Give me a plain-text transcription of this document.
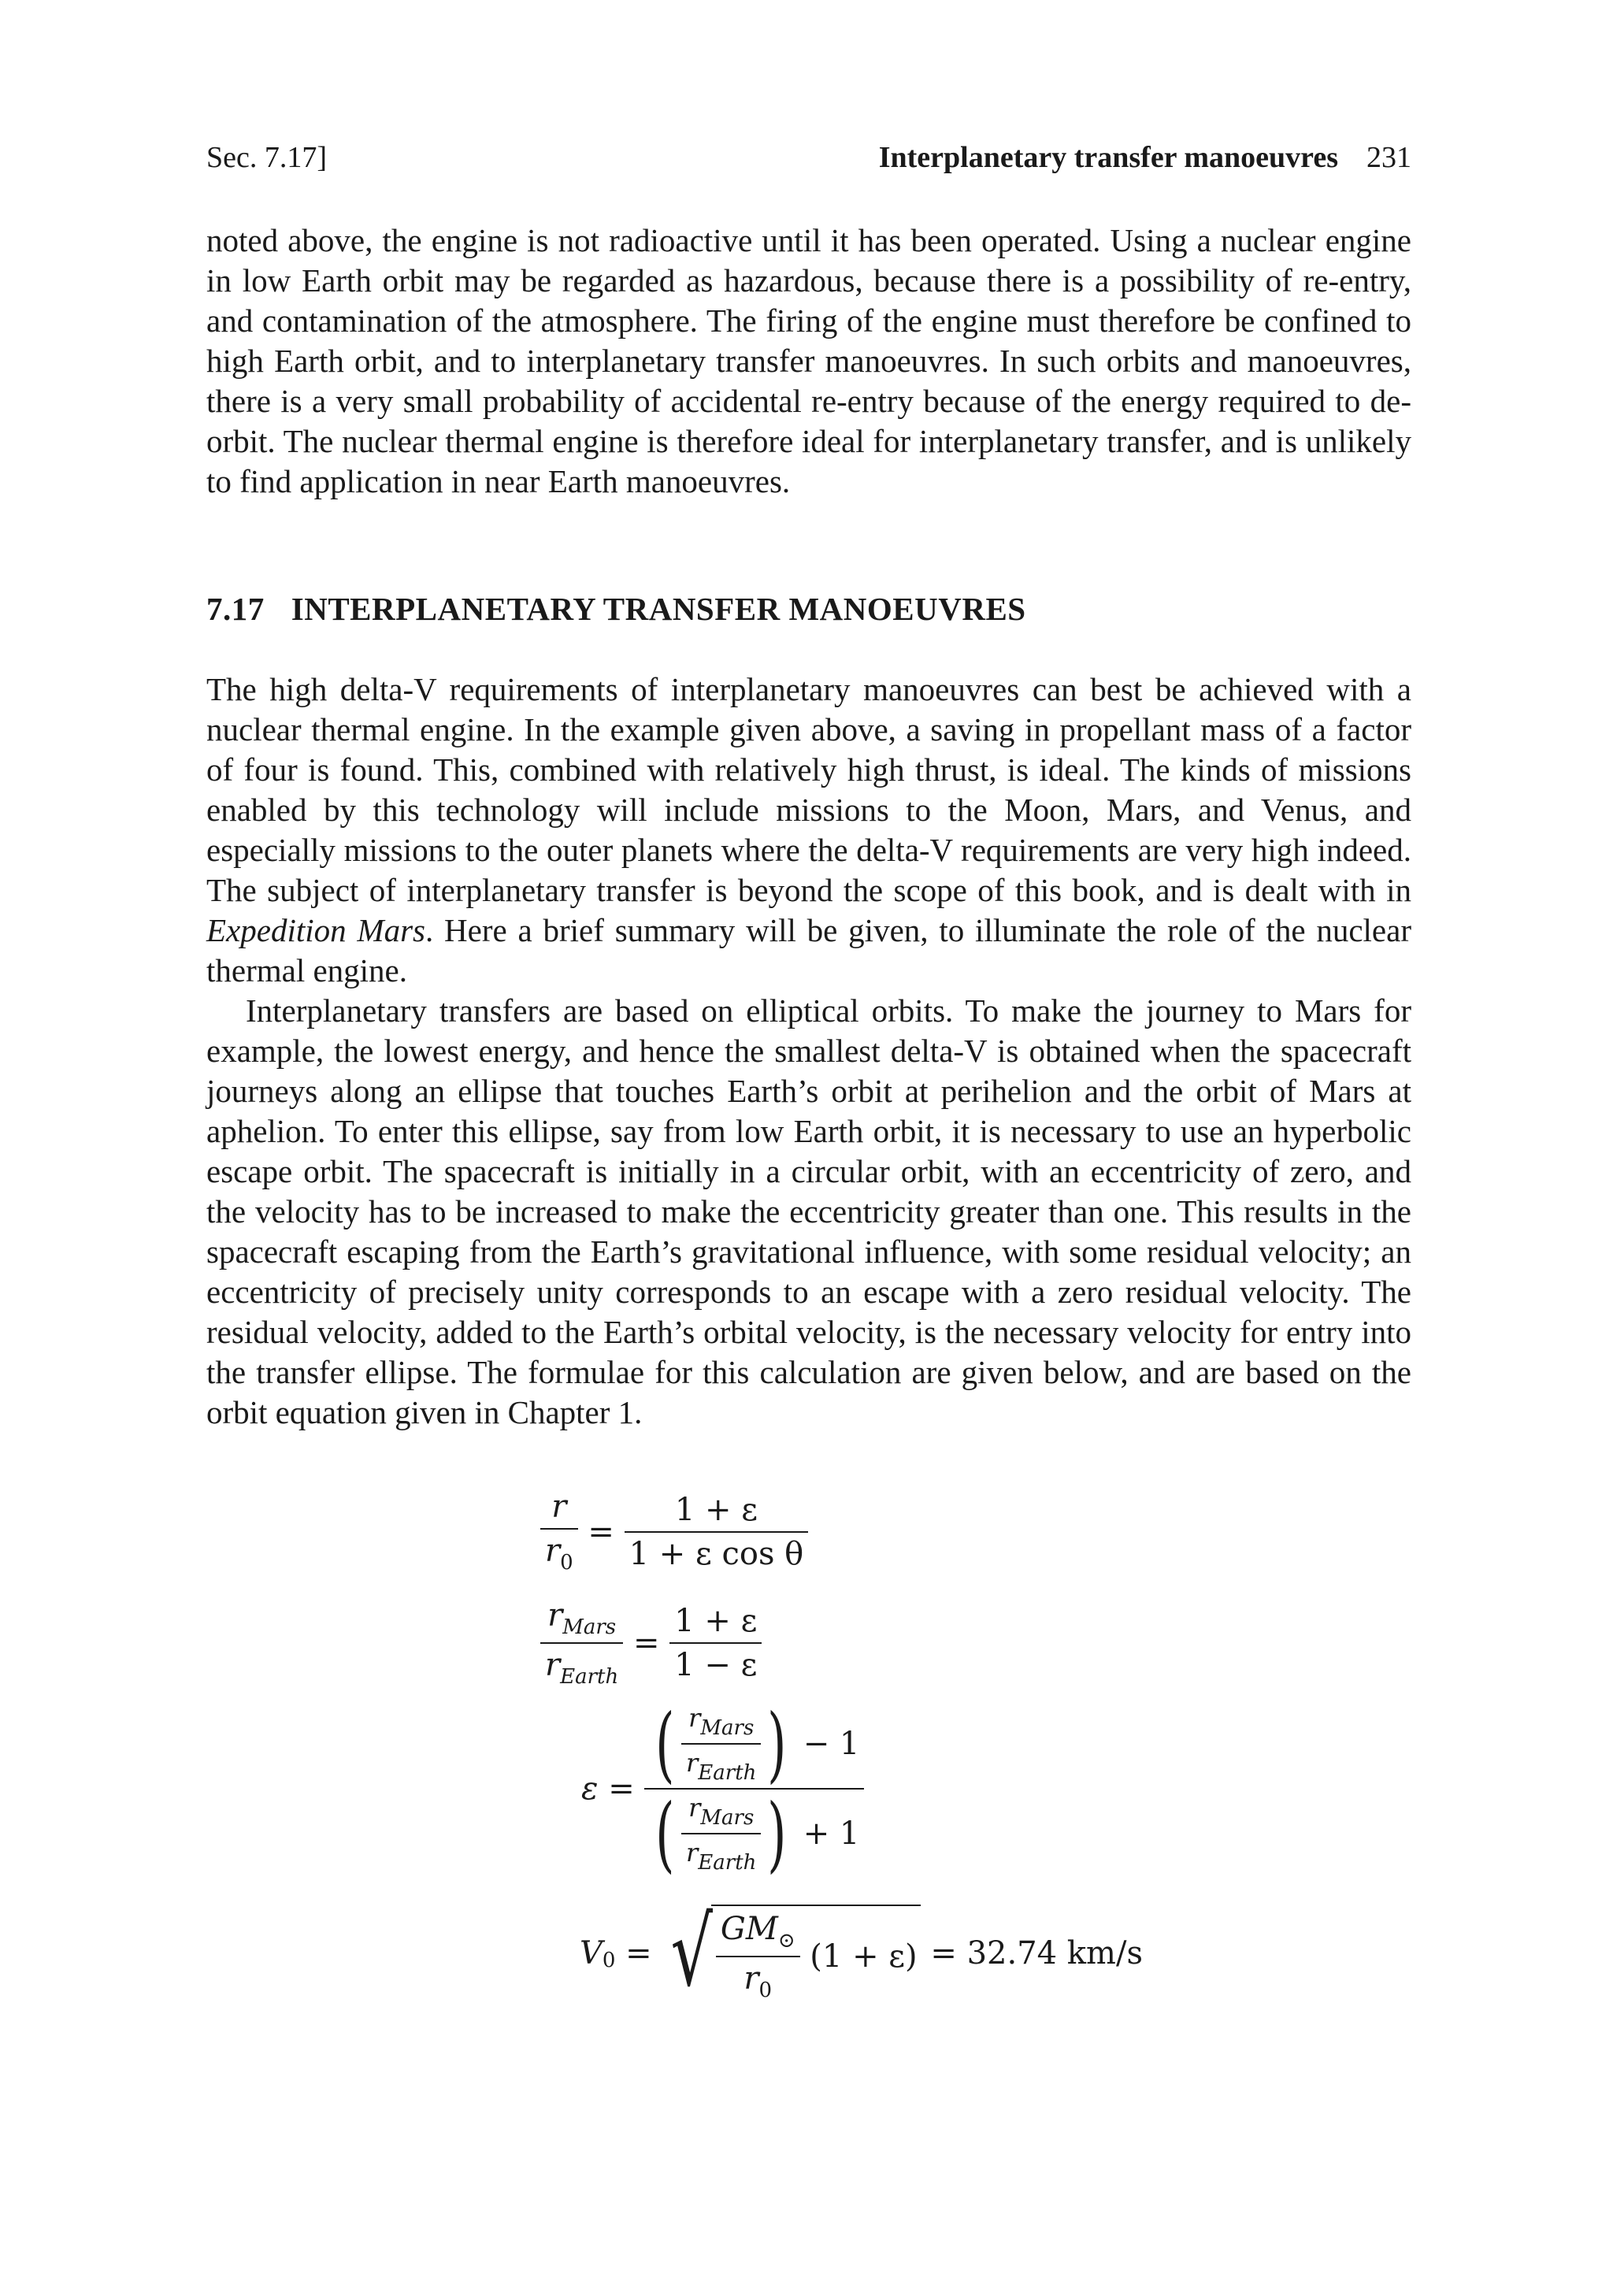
Sec. 7.17]	Interplanetary transfer manoeuvres 231
noted above, the engine is not radioactive until it has been operated. Using a nuclear engine in low Earth orbit may be regarded as hazardous, because there is a possibility of re-entry, and contamination of the atmosphere. The firing of the engine must therefore be confined to high Earth orbit, and to interplanetary transfer manoeuvres. In such orbits and manoeuvres, there is a very small probability of accidental re-entry because of the energy required to de-orbit. The nuclear thermal engine is therefore ideal for interplanetary transfer, and is unlikely to find application in near Earth manoeuvres.
7.17 INTERPLANETARY TRANSFER MANOEUVRES
The high delta-V requirements of interplanetary manoeuvres can best be achieved with a nuclear thermal engine. In the example given above, a saving in propellant mass of a factor of four is found. This, combined with relatively high thrust, is ideal. The kinds of missions enabled by this technology will include missions to the Moon, Mars, and Venus, and especially missions to the outer planets where the delta-V requirements are very high indeed. The subject of interplanetary transfer is beyond the scope of this book, and is dealt with in Expedition Mars. Here a brief summary will be given, to illuminate the role of the nuclear thermal engine.
Interplanetary transfers are based on elliptical orbits. To make the journey to Mars for example, the lowest energy, and hence the smallest delta-V is obtained when the spacecraft journeys along an ellipse that touches Earth’s orbit at perihelion and the orbit of Mars at aphelion. To enter this ellipse, say from low Earth orbit, it is necessary to use an hyperbolic escape orbit. The spacecraft is initially in a circular orbit, with an eccentricity of zero, and the velocity has to be increased to make the eccentricity greater than one. This results in the spacecraft escaping from the Earth’s gravitational influence, with some residual velocity; an eccentricity of precisely unity corresponds to an escape with a zero residual velocity. The residual velocity, added to the Earth’s orbital velocity, is the necessary velocity for entry into the transfer ellipse. The formulae for this calculation are given below, and are based on the orbit equation given in Chapter 1.
$\frac{r}{r_0} = \frac{1 + \varepsilon}{\text{1 + ε cos θ}}$
$\frac{r_{Mars}}{r_{Earth}} = \frac{1 + \varepsilon}{1 - \varepsilon}$
$\varepsilon = \frac{( \frac{r_{Mars}}{r_{Earth}} ) - 1}{( \frac{r_{Mars}}{r_{Earth}} ) + 1}$
V0 = √ $\frac{GM_⊙}{r_0} (1 + \varepsilon) = 32.74$ km/s
